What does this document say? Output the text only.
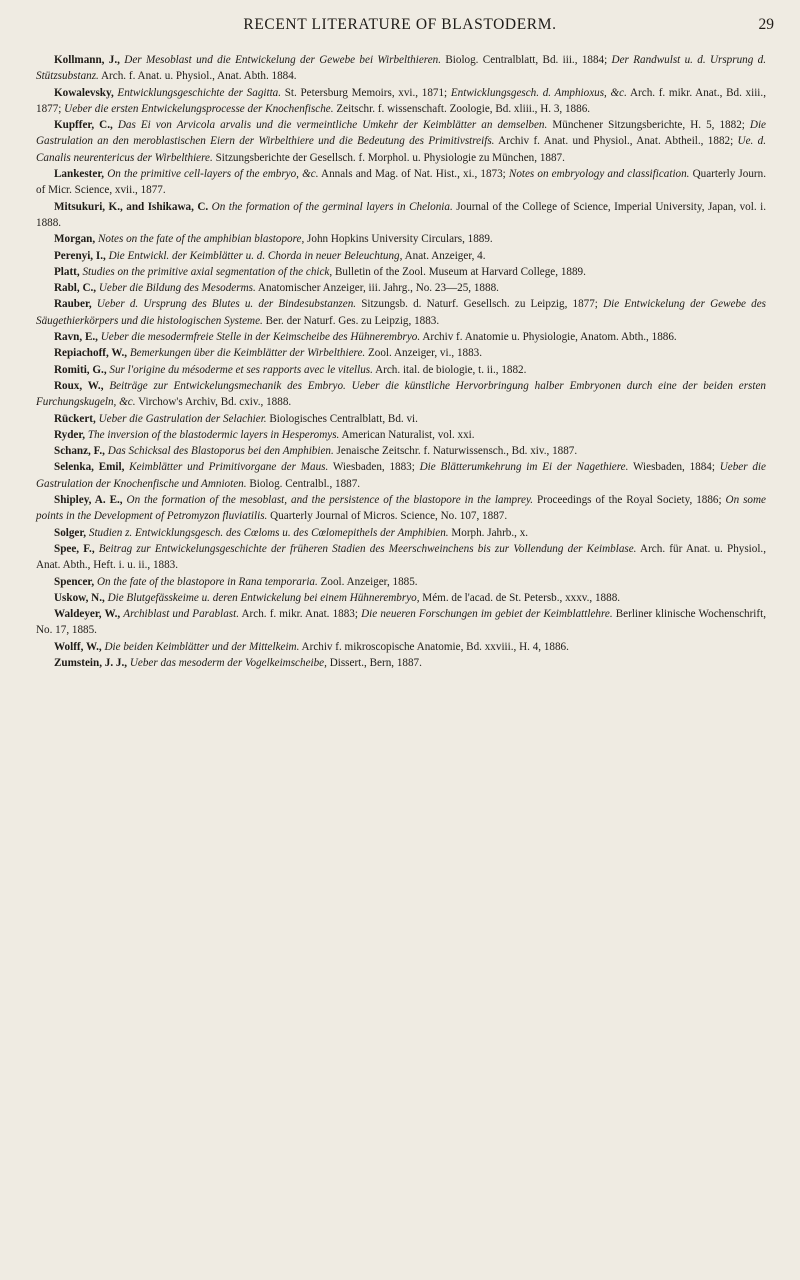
RECENT LITERATURE OF BLASTODERM.	29

Kollmann, J., Der Mesoblast und die Entwickelung der Gewebe bei Wirbelthieren. Biolog. Centralblatt, Bd. iii., 1884; Der Randwulst u. d. Ursprung d. Stützsubstanz. Arch. f. Anat. u. Physiol., Anat. Abth. 1884.

Kowalevsky, Entwicklungsgeschichte der Sagitta. St. Petersburg Memoirs, xvi., 1871; Entwicklungsgesch. d. Amphioxus, &c. Arch. f. mikr. Anat., Bd. xiii., 1877; Ueber die ersten Entwickelungsprocesse der Knochenfische. Zeitschr. f. wissenschaft. Zoologie, Bd. xliii., H. 3, 1886.

Kupffer, C., Das Ei von Arvicola arvalis und die vermeintliche Umkehr der Keimblätter an demselben. Münchener Sitzungsberichte, H. 5, 1882; Die Gastrulation an den meroblastischen Eiern der Wirbelthiere und die Bedeutung des Primitivstreifs. Archiv f. Anat. und Physiol., Anat. Abtheil., 1882; Ue. d. Canalis neurentericus der Wirbelthiere. Sitzungsberichte der Gesellsch. f. Morphol. u. Physiologie zu München, 1887.

Lankester, On the primitive cell-layers of the embryo, &c. Annals and Mag. of Nat. Hist., xi., 1873; Notes on embryology and classification. Quarterly Journ. of Micr. Science, xvii., 1877.

Mitsukuri, K., and Ishikawa, C. On the formation of the germinal layers in Chelonia. Journal of the College of Science, Imperial University, Japan, vol. i. 1888.

Morgan, Notes on the fate of the amphibian blastopore, John Hopkins University Circulars, 1889.

Perenyi, I., Die Entwickl. der Keimblätter u. d. Chorda in neuer Beleuchtung, Anat. Anzeiger, 4.

Platt, Studies on the primitive axial segmentation of the chick, Bulletin of the Zool. Museum at Harvard College, 1889.

Rabl, C., Ueber die Bildung des Mesoderms. Anatomischer Anzeiger, iii. Jahrg., No. 23—25, 1888.

Rauber, Ueber d. Ursprung des Blutes u. der Bindesubstanzen. Sitzungsb. d. Naturf. Gesellsch. zu Leipzig, 1877; Die Entwickelung der Gewebe des Säugethierkörpers und die histologischen Systeme. Ber. der Naturf. Ges. zu Leipzig, 1883.

Ravn, E., Ueber die mesodermfreie Stelle in der Keimscheibe des Hühnerembryo. Archiv f. Anatomie u. Physiologie, Anatom. Abth., 1886.

Repiachoff, W., Bemerkungen über die Keimblätter der Wirbelthiere. Zool. Anzeiger, vi., 1883.

Romiti, G., Sur l'origine du mésoderme et ses rapports avec le vitellus. Arch. ital. de biologie, t. ii., 1882.

Roux, W., Beiträge zur Entwickelungsmechanik des Embryo. Ueber die künstliche Hervorbringung halber Embryonen durch eine der beiden ersten Furchungskugeln, &c. Virchow's Archiv, Bd. cxiv., 1888.

Rückert, Ueber die Gastrulation der Selachier. Biologisches Centralblatt, Bd. vi.

Ryder, The inversion of the blastodermic layers in Hesperomys. American Naturalist, vol. xxi.

Schanz, F., Das Schicksal des Blastoporus bei den Amphibien. Jenaische Zeitschr. f. Naturwissensch., Bd. xiv., 1887.

Selenka, Emil, Keimblätter und Primitivorgane der Maus. Wiesbaden, 1883; Die Blätterumkehrung im Ei der Nagethiere. Wiesbaden, 1884; Ueber die Gastrulation der Knochenfische und Amnioten. Biolog. Centralbl., 1887.

Shipley, A. E., On the formation of the mesoblast, and the persistence of the blastopore in the lamprey. Proceedings of the Royal Society, 1886; On some points in the Development of Petromyzon fluviatilis. Quarterly Journal of Micros. Science, No. 107, 1887.

Solger, Studien z. Entwicklungsgesch. des Cœloms u. des Cœlomepithels der Amphibien. Morph. Jahrb., x.

Spee, F., Beitrag zur Entwickelungsgeschichte der früheren Stadien des Meerschweinchens bis zur Vollendung der Keimblase. Arch. für Anat. u. Physiol., Anat. Abth., Heft. i. u. ii., 1883.

Spencer, On the fate of the blastopore in Rana temporaria. Zool. Anzeiger, 1885.

Uskow, N., Die Blutgefässkeime u. deren Entwickelung bei einem Hühnerembryo, Mém. de l'acad. de St. Petersb., xxxv., 1888.

Waldeyer, W., Archiblast und Parablast. Arch. f. mikr. Anat. 1883; Die neueren Forschungen im gebiet der Keimblattlehre. Berliner klinische Wochenschrift, No. 17, 1885.

Wolff, W., Die beiden Keimblätter und der Mittelkeim. Archiv f. mikroscopische Anatomie, Bd. xxviii., H. 4, 1886.

Zumstein, J. J., Ueber das mesoderm der Vogelkeimscheibe, Dissert., Bern, 1887.
